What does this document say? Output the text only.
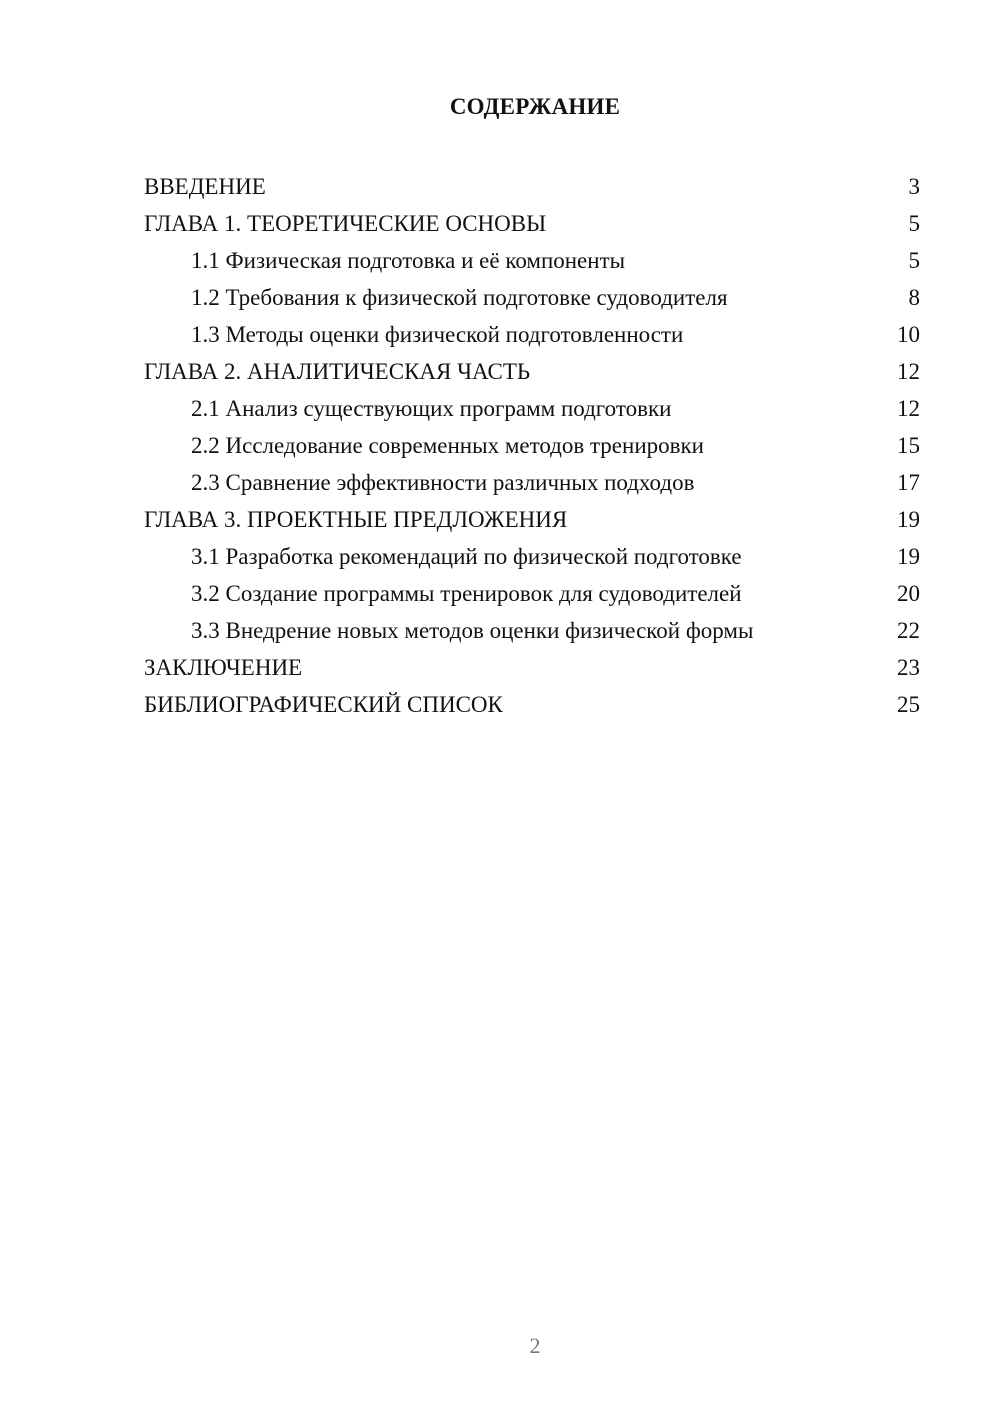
СОДЕРЖАНИЕ
ВВЕДЕНИЕ	3
ГЛАВА 1. ТЕОРЕТИЧЕСКИЕ ОСНОВЫ	5
1.1 Физическая подготовка и её компоненты	5
1.2 Требования к физической подготовке судоводителя	8
1.3 Методы оценки физической подготовленности	10
ГЛАВА 2. АНАЛИТИЧЕСКАЯ ЧАСТЬ	12
2.1 Анализ существующих программ подготовки	12
2.2 Исследование современных методов тренировки	15
2.3 Сравнение эффективности различных подходов	17
ГЛАВА 3. ПРОЕКТНЫЕ ПРЕДЛОЖЕНИЯ	19
3.1 Разработка рекомендаций по физической подготовке	19
3.2 Создание программы тренировок для судоводителей	20
3.3 Внедрение новых методов оценки физической формы	22
ЗАКЛЮЧЕНИЕ	23
БИБЛИОГРАФИЧЕСКИЙ СПИСОК	25
2
